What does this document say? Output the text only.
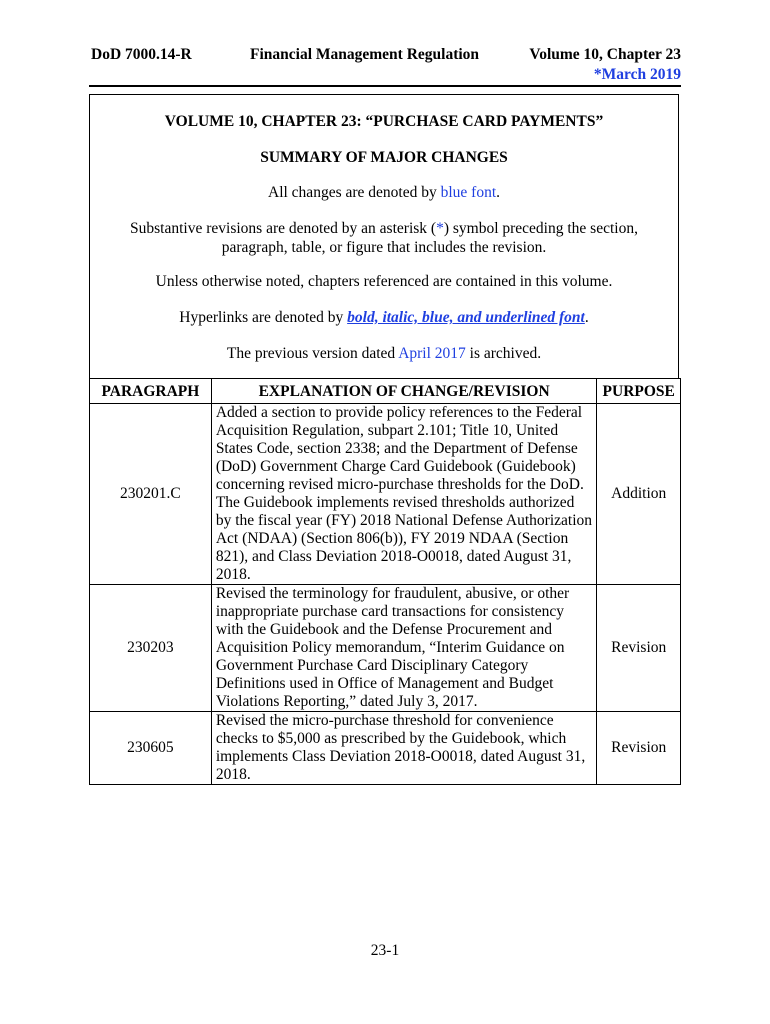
DoD 7000.14-R	Financial Management Regulation	Volume 10, Chapter 23
*March 2019
VOLUME 10, CHAPTER 23: “PURCHASE CARD PAYMENTS”
SUMMARY OF MAJOR CHANGES
All changes are denoted by blue font.
Substantive revisions are denoted by an asterisk (*) symbol preceding the section,
paragraph, table, or figure that includes the revision.
Unless otherwise noted, chapters referenced are contained in this volume.
Hyperlinks are denoted by bold, italic, blue, and underlined font.
The previous version dated April 2017 is archived.
PARAGRAPH	EXPLANATION OF CHANGE/REVISION	PURPOSE
230201.C	Added a section to provide policy references to the Federal Acquisition Regulation, subpart 2.101; Title 10, United States Code, section 2338; and the Department of Defense (DoD) Government Charge Card Guidebook (Guidebook) concerning revised micro-purchase thresholds for the DoD. The Guidebook implements revised thresholds authorized by the fiscal year (FY) 2018 National Defense Authorization Act (NDAA) (Section 806(b)), FY 2019 NDAA (Section 821), and Class Deviation 2018-O0018, dated August 31, 2018.	Addition
230203	Revised the terminology for fraudulent, abusive, or other inappropriate purchase card transactions for consistency with the Guidebook and the Defense Procurement and Acquisition Policy memorandum, “Interim Guidance on Government Purchase Card Disciplinary Category Definitions used in Office of Management and Budget Violations Reporting,” dated July 3, 2017.	Revision
230605	Revised the micro-purchase threshold for convenience checks to $5,000 as prescribed by the Guidebook, which implements Class Deviation 2018-O0018, dated August 31, 2018.	Revision
23-1
